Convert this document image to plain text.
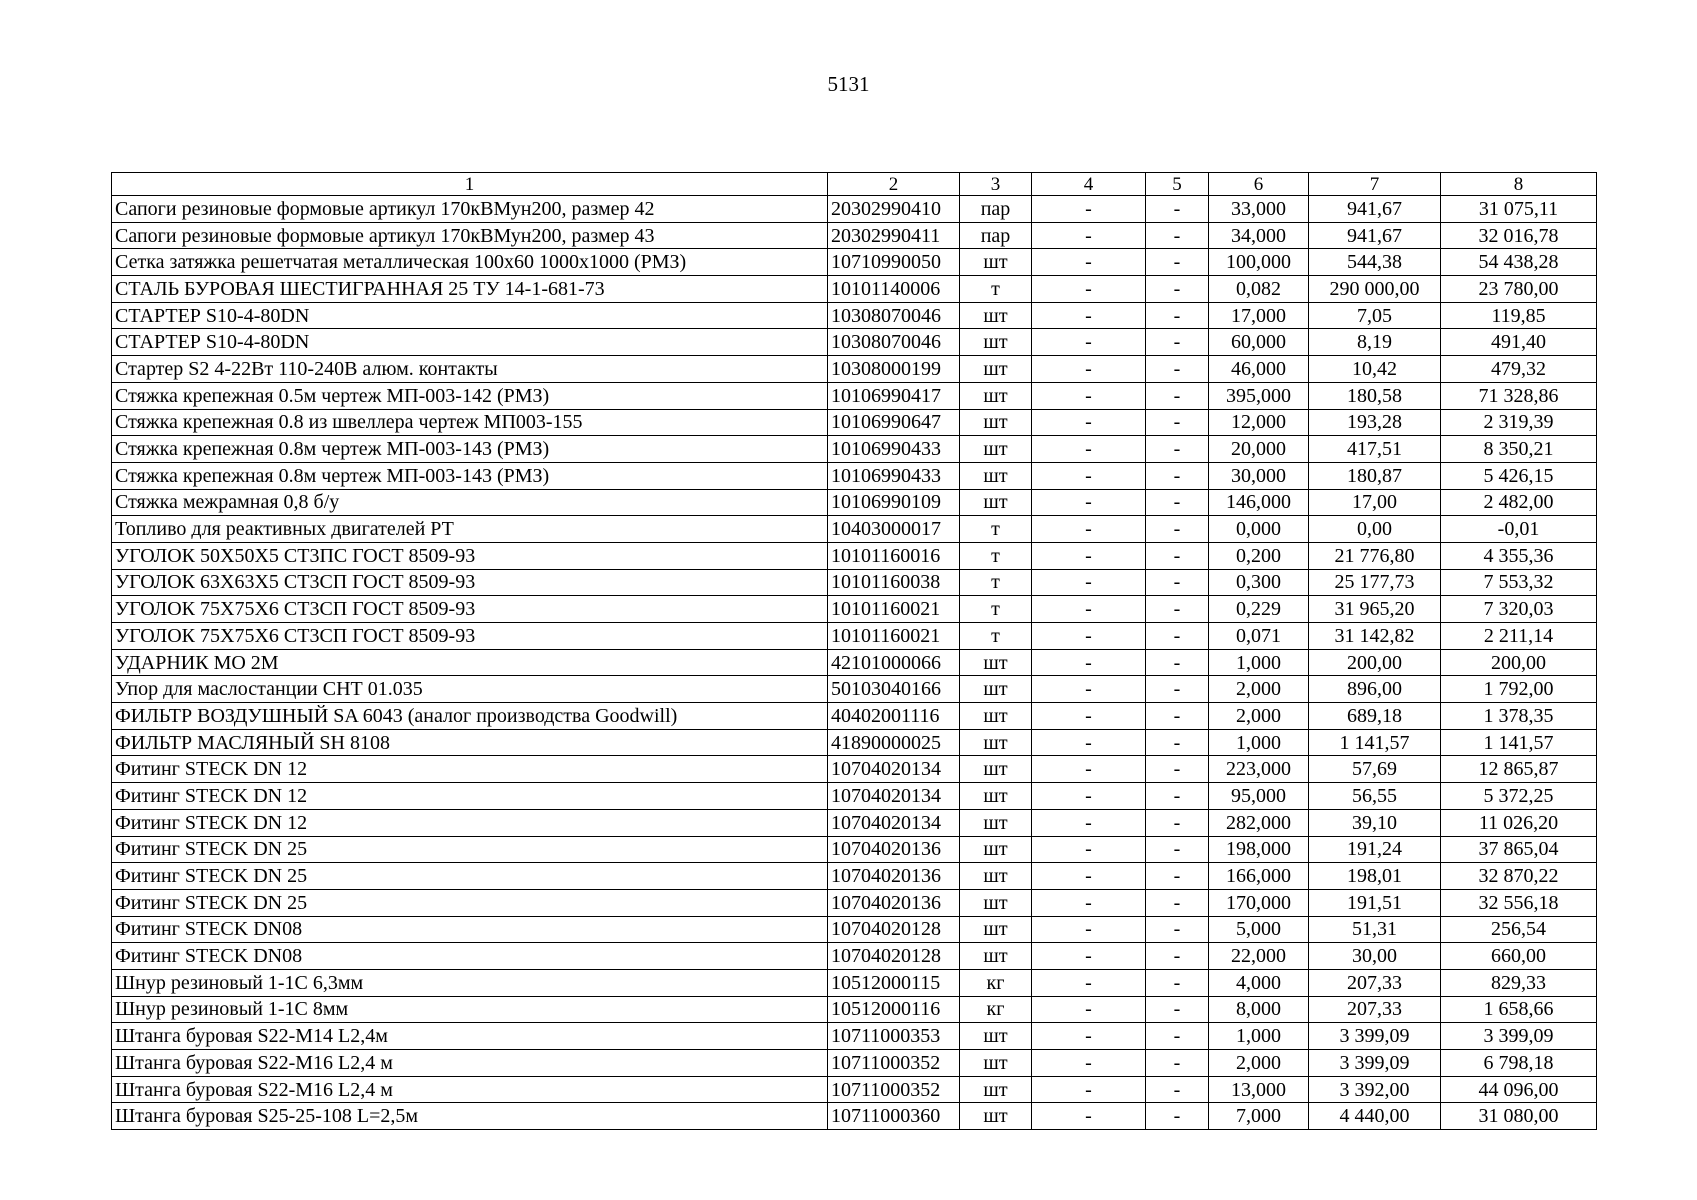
5131
1	2	3	4	5	6	7	8
Сапоги резиновые формовые артикул 170кВМун200, размер 42	20302990410	пар	-	-	33,000	941,67	31 075,11
Сапоги резиновые формовые артикул 170кВМун200, размер 43	20302990411	пар	-	-	34,000	941,67	32 016,78
Сетка затяжка решетчатая металлическая 100х60 1000х1000 (РМЗ)	10710990050	шт	-	-	100,000	544,38	54 438,28
СТАЛЬ БУРОВАЯ ШЕСТИГРАННАЯ 25 ТУ 14-1-681-73	10101140006	т	-	-	0,082	290 000,00	23 780,00
СТАРТЕР S10-4-80DN	10308070046	шт	-	-	17,000	7,05	119,85
СТАРТЕР S10-4-80DN	10308070046	шт	-	-	60,000	8,19	491,40
Стартер S2 4-22Вт 110-240В алюм. контакты	10308000199	шт	-	-	46,000	10,42	479,32
Стяжка крепежная 0.5м чертеж МП-003-142 (РМЗ)	10106990417	шт	-	-	395,000	180,58	71 328,86
Стяжка крепежная 0.8 из швеллера чертеж МП003-155	10106990647	шт	-	-	12,000	193,28	2 319,39
Стяжка крепежная 0.8м чертеж МП-003-143 (РМЗ)	10106990433	шт	-	-	20,000	417,51	8 350,21
Стяжка крепежная 0.8м чертеж МП-003-143 (РМЗ)	10106990433	шт	-	-	30,000	180,87	5 426,15
Стяжка межрамная 0,8 б/у	10106990109	шт	-	-	146,000	17,00	2 482,00
Топливо для реактивных двигателей РТ	10403000017	т	-	-	0,000	0,00	-0,01
УГОЛОК 50Х50Х5 СТ3ПС ГОСТ 8509-93	10101160016	т	-	-	0,200	21 776,80	4 355,36
УГОЛОК 63Х63Х5 СТ3СП ГОСТ 8509-93	10101160038	т	-	-	0,300	25 177,73	7 553,32
УГОЛОК 75Х75Х6 СТ3СП ГОСТ 8509-93	10101160021	т	-	-	0,229	31 965,20	7 320,03
УГОЛОК 75Х75Х6 СТ3СП ГОСТ 8509-93	10101160021	т	-	-	0,071	31 142,82	2 211,14
УДАРНИК МО 2М	42101000066	шт	-	-	1,000	200,00	200,00
Упор для маслостанции СНТ 01.035	50103040166	шт	-	-	2,000	896,00	1 792,00
ФИЛЬТР ВОЗДУШНЫЙ SA 6043 (аналог производства Goodwill)	40402001116	шт	-	-	2,000	689,18	1 378,35
ФИЛЬТР МАСЛЯНЫЙ SH 8108	41890000025	шт	-	-	1,000	1 141,57	1 141,57
Фитинг STECK DN 12	10704020134	шт	-	-	223,000	57,69	12 865,87
Фитинг STECK DN 12	10704020134	шт	-	-	95,000	56,55	5 372,25
Фитинг STECK DN 12	10704020134	шт	-	-	282,000	39,10	11 026,20
Фитинг STECK DN 25	10704020136	шт	-	-	198,000	191,24	37 865,04
Фитинг STECK DN 25	10704020136	шт	-	-	166,000	198,01	32 870,22
Фитинг STECK DN 25	10704020136	шт	-	-	170,000	191,51	32 556,18
Фитинг STECK DN08	10704020128	шт	-	-	5,000	51,31	256,54
Фитинг STECK DN08	10704020128	шт	-	-	22,000	30,00	660,00
Шнур резиновый 1-1С 6,3мм	10512000115	кг	-	-	4,000	207,33	829,33
Шнур резиновый 1-1С 8мм	10512000116	кг	-	-	8,000	207,33	1 658,66
Штанга буровая S22-M14 L2,4м	10711000353	шт	-	-	1,000	3 399,09	3 399,09
Штанга буровая S22-M16 L2,4 м	10711000352	шт	-	-	2,000	3 399,09	6 798,18
Штанга буровая S22-M16 L2,4 м	10711000352	шт	-	-	13,000	3 392,00	44 096,00
Штанга буровая S25-25-108 L=2,5м	10711000360	шт	-	-	7,000	4 440,00	31 080,00
